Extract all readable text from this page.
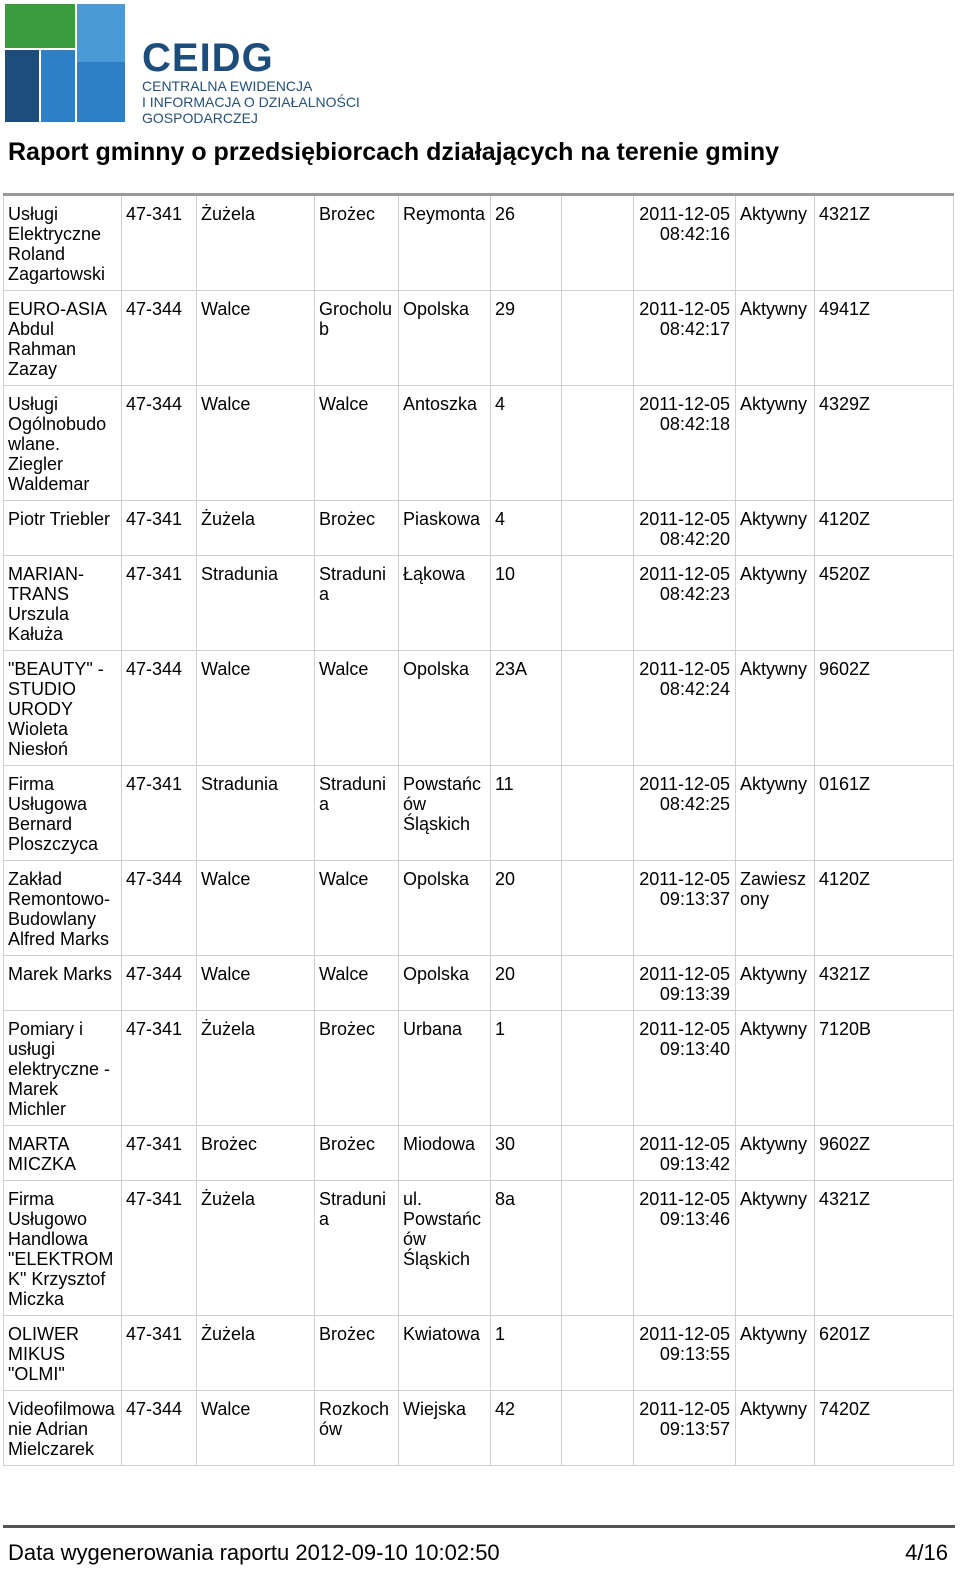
CEIDG
CENTRALNA EWIDENCJA
I INFORMACJA O DZIAŁALNOŚCI
GOSPODARCZEJ
Raport gminny o przedsiębiorcach działających na terenie gminy
Usługi Elektryczne Roland Zagartowski	47-341	Żużela	Brożec	Reymonta	26		2011-12-05 08:42:16	Aktywny	4321Z
EURO-ASIA Abdul Rahman Zazay	47-344	Walce	Grocholub	Opolska	29		2011-12-05 08:42:17	Aktywny	4941Z
Usługi Ogólnobudowlane. Ziegler Waldemar	47-344	Walce	Walce	Antoszka	4		2011-12-05 08:42:18	Aktywny	4329Z
Piotr Triebler	47-341	Żużela	Brożec	Piaskowa	4		2011-12-05 08:42:20	Aktywny	4120Z
MARIAN-TRANS Urszula Kałuża	47-341	Stradunia	Stradunia	Łąkowa	10		2011-12-05 08:42:23	Aktywny	4520Z
"BEAUTY" - STUDIO URODY Wioleta Niesłoń	47-344	Walce	Walce	Opolska	23A		2011-12-05 08:42:24	Aktywny	9602Z
Firma Usługowa Bernard Ploszczyca	47-341	Stradunia	Stradunia	Powstańców Śląskich	11		2011-12-05 08:42:25	Aktywny	0161Z
Zakład Remontowo-Budowlany Alfred Marks	47-344	Walce	Walce	Opolska	20		2011-12-05 09:13:37	Zawieszony	4120Z
Marek Marks	47-344	Walce	Walce	Opolska	20		2011-12-05 09:13:39	Aktywny	4321Z
Pomiary i usługi elektryczne - Marek Michler	47-341	Żużela	Brożec	Urbana	1		2011-12-05 09:13:40	Aktywny	7120B
MARTA MICZKA	47-341	Brożec	Brożec	Miodowa	30		2011-12-05 09:13:42	Aktywny	9602Z
Firma Usługowo Handlowa "ELEKTROMK" Krzysztof Miczka	47-341	Żużela	Stradunia	ul. Powstańców Śląskich	8a		2011-12-05 09:13:46	Aktywny	4321Z
OLIWER MIKUS "OLMI"	47-341	Żużela	Brożec	Kwiatowa	1		2011-12-05 09:13:55	Aktywny	6201Z
Videofilmowanie Adrian Mielczarek	47-344	Walce	Rozkochów	Wiejska	42		2011-12-05 09:13:57	Aktywny	7420Z
Data wygenerowania raportu 2012-09-10 10:02:50	4/16
